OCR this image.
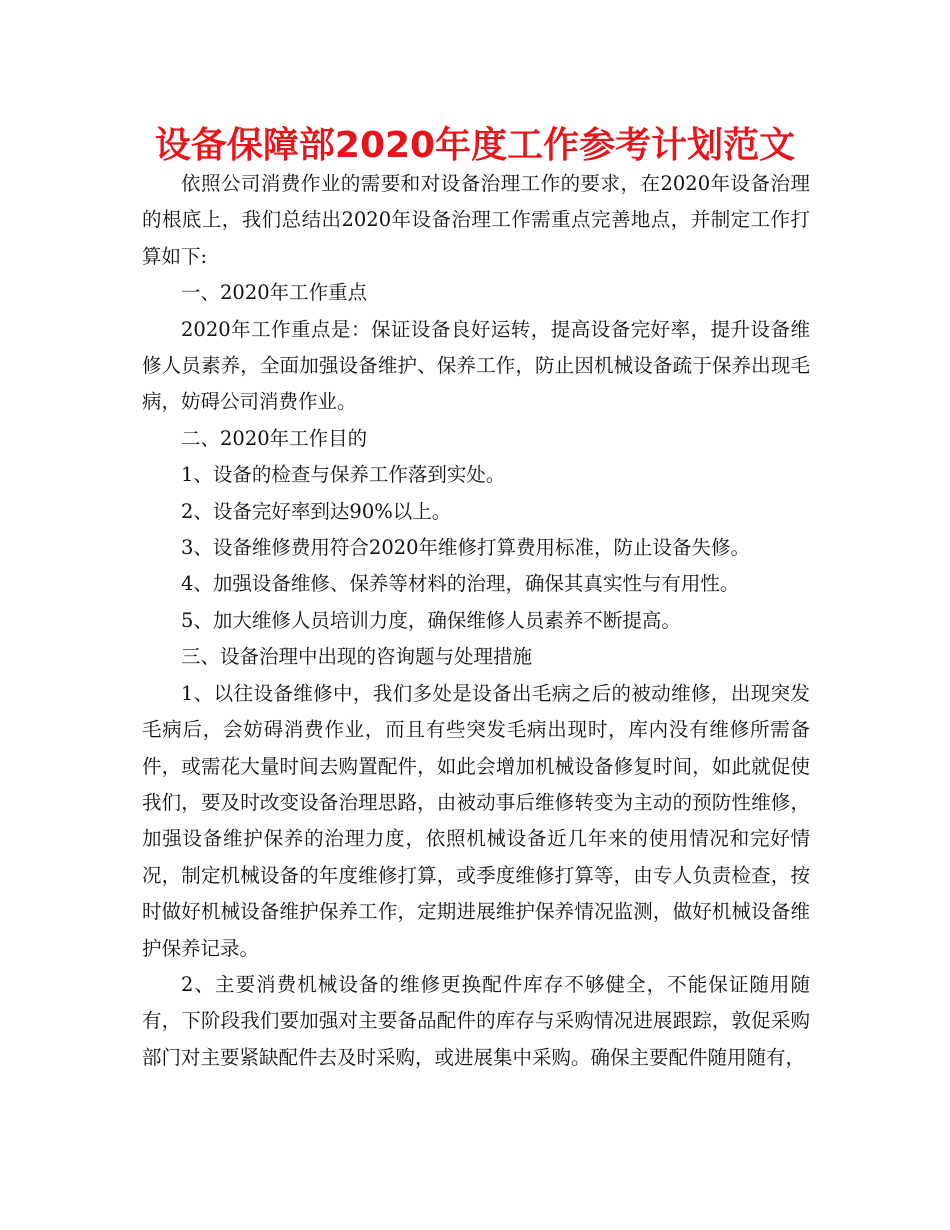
设备保障部2020年度工作参考计划范文

依照公司消费作业的需要和对设备治理工作的要求，在2020年设备治理的根底上，我们总结出2020年设备治理工作需重点完善地点，并制定工作打算如下:

一、2020年工作重点

2020年工作重点是：保证设备良好运转，提高设备完好率，提升设备维修人员素养，全面加强设备维护、保养工作，防止因机械设备疏于保养出现毛病，妨碍公司消费作业。

二、2020年工作目的

1、设备的检查与保养工作落到实处。

2、设备完好率到达90%以上。

3、设备维修费用符合2020年维修打算费用标准，防止设备失修。

4、加强设备维修、保养等材料的治理，确保其真实性与有用性。

5、加大维修人员培训力度，确保维修人员素养不断提高。

三、设备治理中出现的咨询题与处理措施

1、以往设备维修中，我们多处是设备出毛病之后的被动维修，出现突发毛病后，会妨碍消费作业，而且有些突发毛病出现时，库内没有维修所需备件，或需花大量时间去购置配件，如此会增加机械设备修复时间，如此就促使我们，要及时改变设备治理思路，由被动事后维修转变为主动的预防性维修，加强设备维护保养的治理力度，依照机械设备近几年来的使用情况和完好情况，制定机械设备的年度维修打算，或季度维修打算等，由专人负责检查，按时做好机械设备维护保养工作，定期进展维护保养情况监测，做好机械设备维护保养记录。

2、主要消费机械设备的维修更换配件库存不够健全，不能保证随用随有，下阶段我们要加强对主要备品配件的库存与采购情况进展跟踪，敦促采购部门对主要紧缺配件去及时采购，或进展集中采购。确保主要配件随用随有，
